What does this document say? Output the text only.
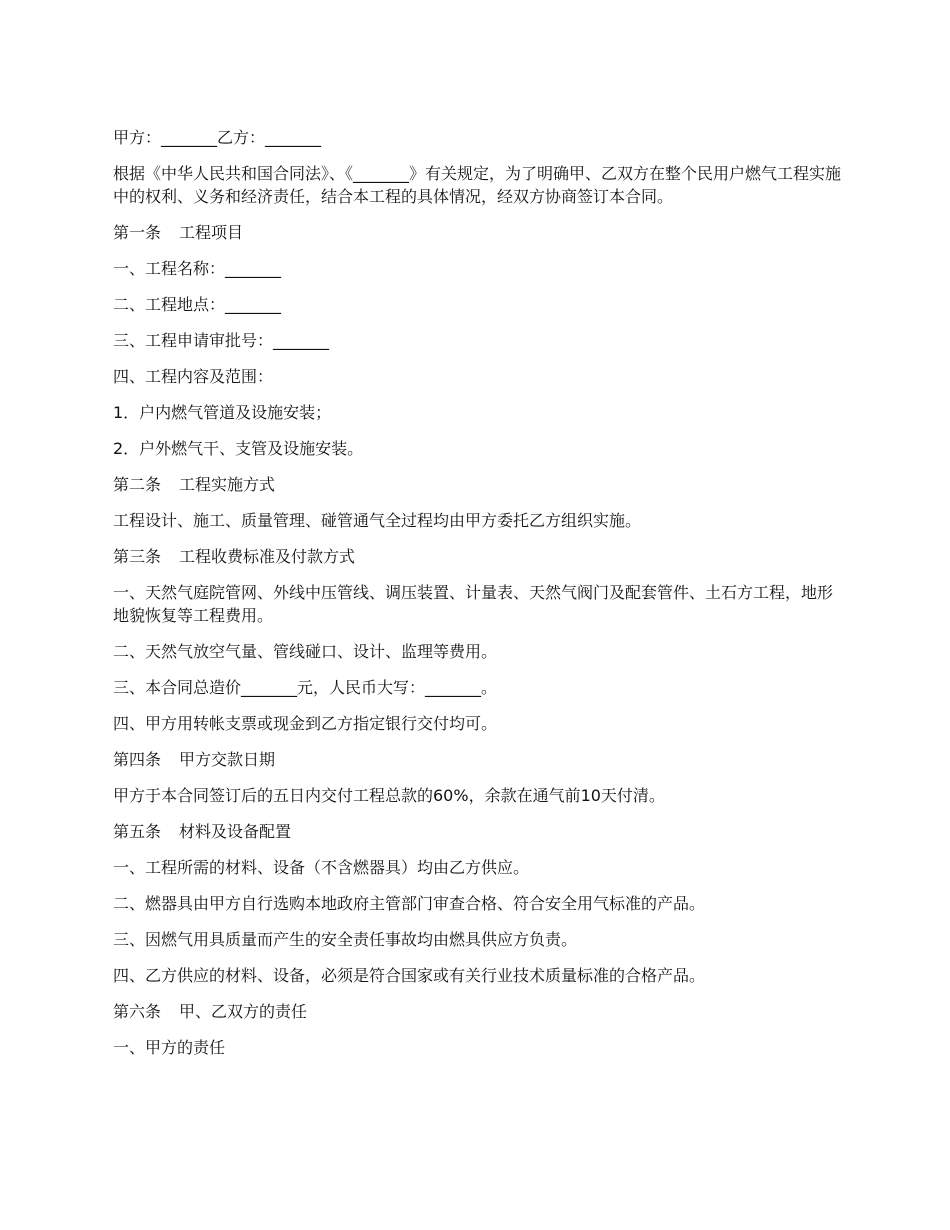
甲方：_______乙方：_______

根据《中华人民共和国合同法》、《_______》有关规定，为了明确甲、乙双方在整个民用户燃气工程实施中的权利、义务和经济责任，结合本工程的具体情况，经双方协商签订本合同。

第一条 工程项目

一、工程名称：_______

二、工程地点：_______

三、工程申请审批号：_______

四、工程内容及范围：

1．户内燃气管道及设施安装；

2．户外燃气干、支管及设施安装。

第二条 工程实施方式

工程设计、施工、质量管理、碰管通气全过程均由甲方委托乙方组织实施。

第三条 工程收费标准及付款方式

一、天然气庭院管网、外线中压管线、调压装置、计量表、天然气阀门及配套管件、土石方工程，地形地貌恢复等工程费用。

二、天然气放空气量、管线碰口、设计、监理等费用。

三、本合同总造价_______元，人民币大写：_______。

四、甲方用转帐支票或现金到乙方指定银行交付均可。

第四条 甲方交款日期

甲方于本合同签订后的五日内交付工程总款的60%，余款在通气前10天付清。

第五条 材料及设备配置

一、工程所需的材料、设备（不含燃器具）均由乙方供应。

二、燃器具由甲方自行选购本地政府主管部门审查合格、符合安全用气标准的产品。

三、因燃气用具质量而产生的安全责任事故均由燃具供应方负责。

四、乙方供应的材料、设备，必须是符合国家或有关行业技术质量标准的合格产品。

第六条 甲、乙双方的责任

一、甲方的责任
